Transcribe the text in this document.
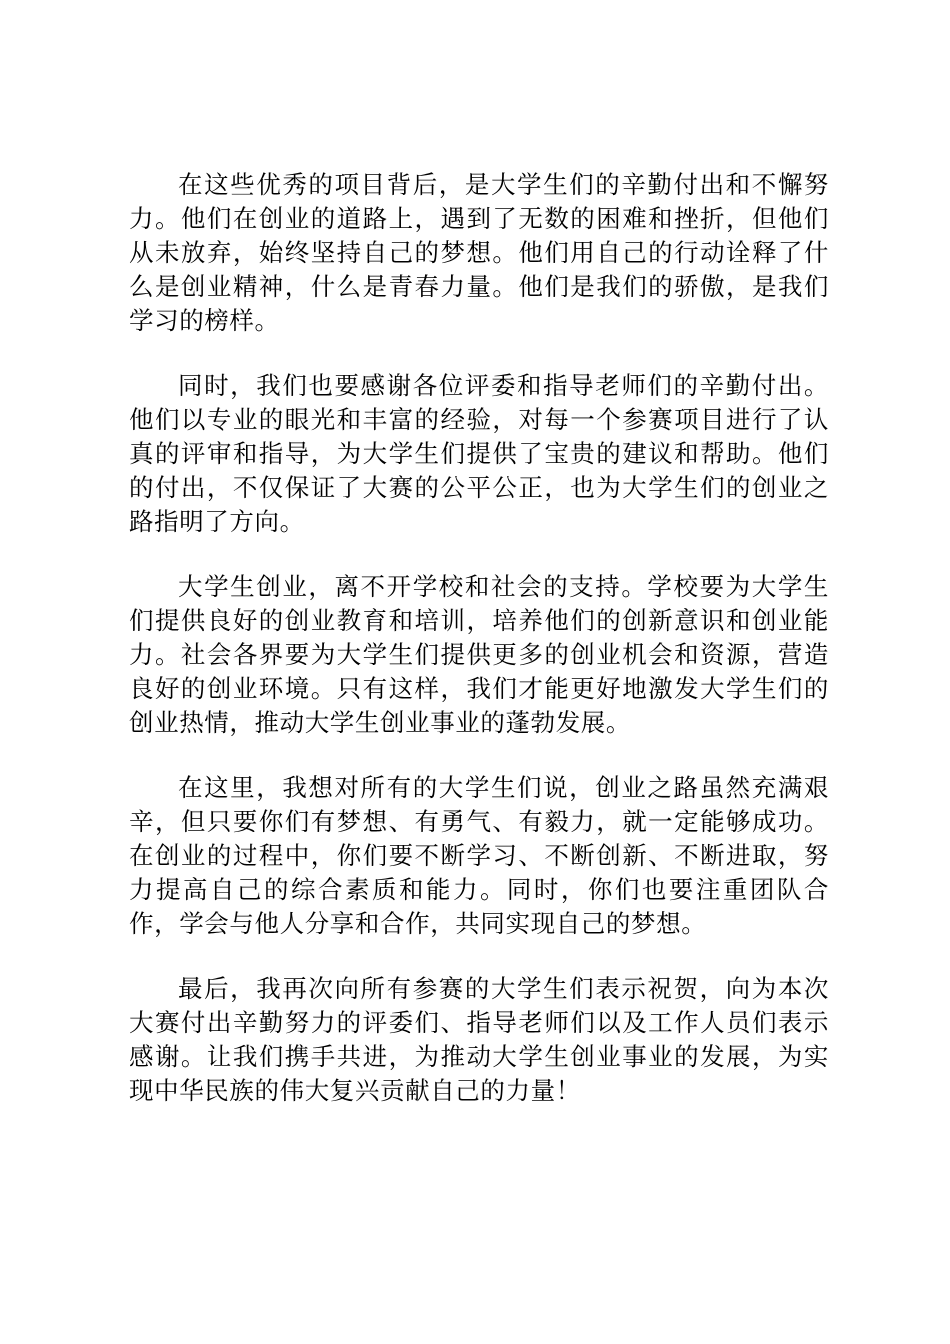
在这些优秀的项目背后，是大学生们的辛勤付出和不懈努力。他们在创业的道路上，遇到了无数的困难和挫折，但他们从未放弃，始终坚持自己的梦想。他们用自己的行动诠释了什么是创业精神，什么是青春力量。他们是我们的骄傲，是我们学习的榜样。

同时，我们也要感谢各位评委和指导老师们的辛勤付出。他们以专业的眼光和丰富的经验，对每一个参赛项目进行了认真的评审和指导，为大学生们提供了宝贵的建议和帮助。他们的付出，不仅保证了大赛的公平公正，也为大学生们的创业之路指明了方向。

大学生创业，离不开学校和社会的支持。学校要为大学生们提供良好的创业教育和培训，培养他们的创新意识和创业能力。社会各界要为大学生们提供更多的创业机会和资源，营造良好的创业环境。只有这样，我们才能更好地激发大学生们的创业热情，推动大学生创业事业的蓬勃发展。

在这里，我想对所有的大学生们说，创业之路虽然充满艰辛，但只要你们有梦想、有勇气、有毅力，就一定能够成功。在创业的过程中，你们要不断学习、不断创新、不断进取，努力提高自己的综合素质和能力。同时，你们也要注重团队合作，学会与他人分享和合作，共同实现自己的梦想。

最后，我再次向所有参赛的大学生们表示祝贺，向为本次大赛付出辛勤努力的评委们、指导老师们以及工作人员们表示感谢。让我们携手共进，为推动大学生创业事业的发展，为实现中华民族的伟大复兴贡献自己的力量！
